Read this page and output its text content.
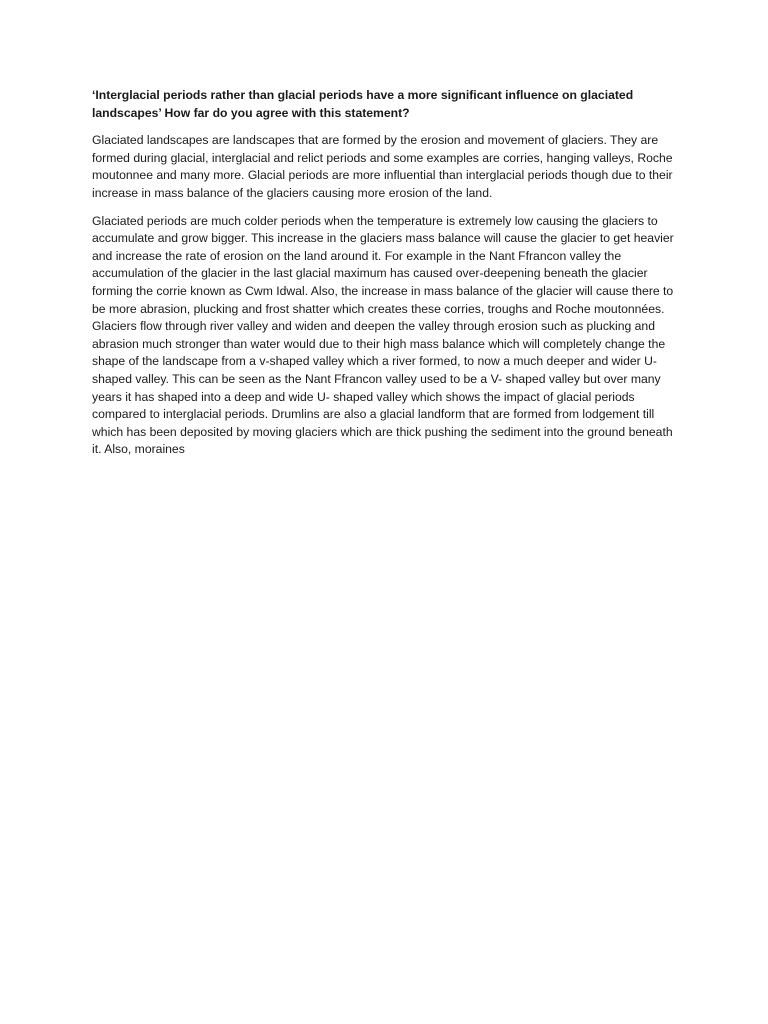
‘Interglacial periods rather than glacial periods have a more significant influence on glaciated landscapes’ How far do you agree with this statement?

Glaciated landscapes are landscapes that are formed by the erosion and movement of glaciers. They are formed during glacial, interglacial and relict periods and some examples are corries, hanging valleys, Roche moutonnee and many more. Glacial periods are more influential than interglacial periods though due to their increase in mass balance of the glaciers causing more erosion of the land.

Glaciated periods are much colder periods when the temperature is extremely low causing the glaciers to accumulate and grow bigger. This increase in the glaciers mass balance will cause the glacier to get heavier and increase the rate of erosion on the land around it. For example in the Nant Ffrancon valley the accumulation of the glacier in the last glacial maximum has caused over-deepening beneath the glacier forming the corrie known as Cwm Idwal. Also, the increase in mass balance of the glacier will cause there to be more abrasion, plucking and frost shatter which creates these corries, troughs and Roche moutonnées. Glaciers flow through river valley and widen and deepen the valley through erosion such as plucking and abrasion much stronger than water would due to their high mass balance which will completely change the shape of the landscape from a v-shaped valley which a river formed, to now a much deeper and wider U- shaped valley. This can be seen as the Nant Ffrancon valley used to be a V- shaped valley but over many years it has shaped into a deep and wide U- shaped valley which shows the impact of glacial periods compared to interglacial periods. Drumlins are also a glacial landform that are formed from lodgement till which has been deposited by moving glaciers which are thick pushing the sediment into the ground beneath it. Also, moraines
